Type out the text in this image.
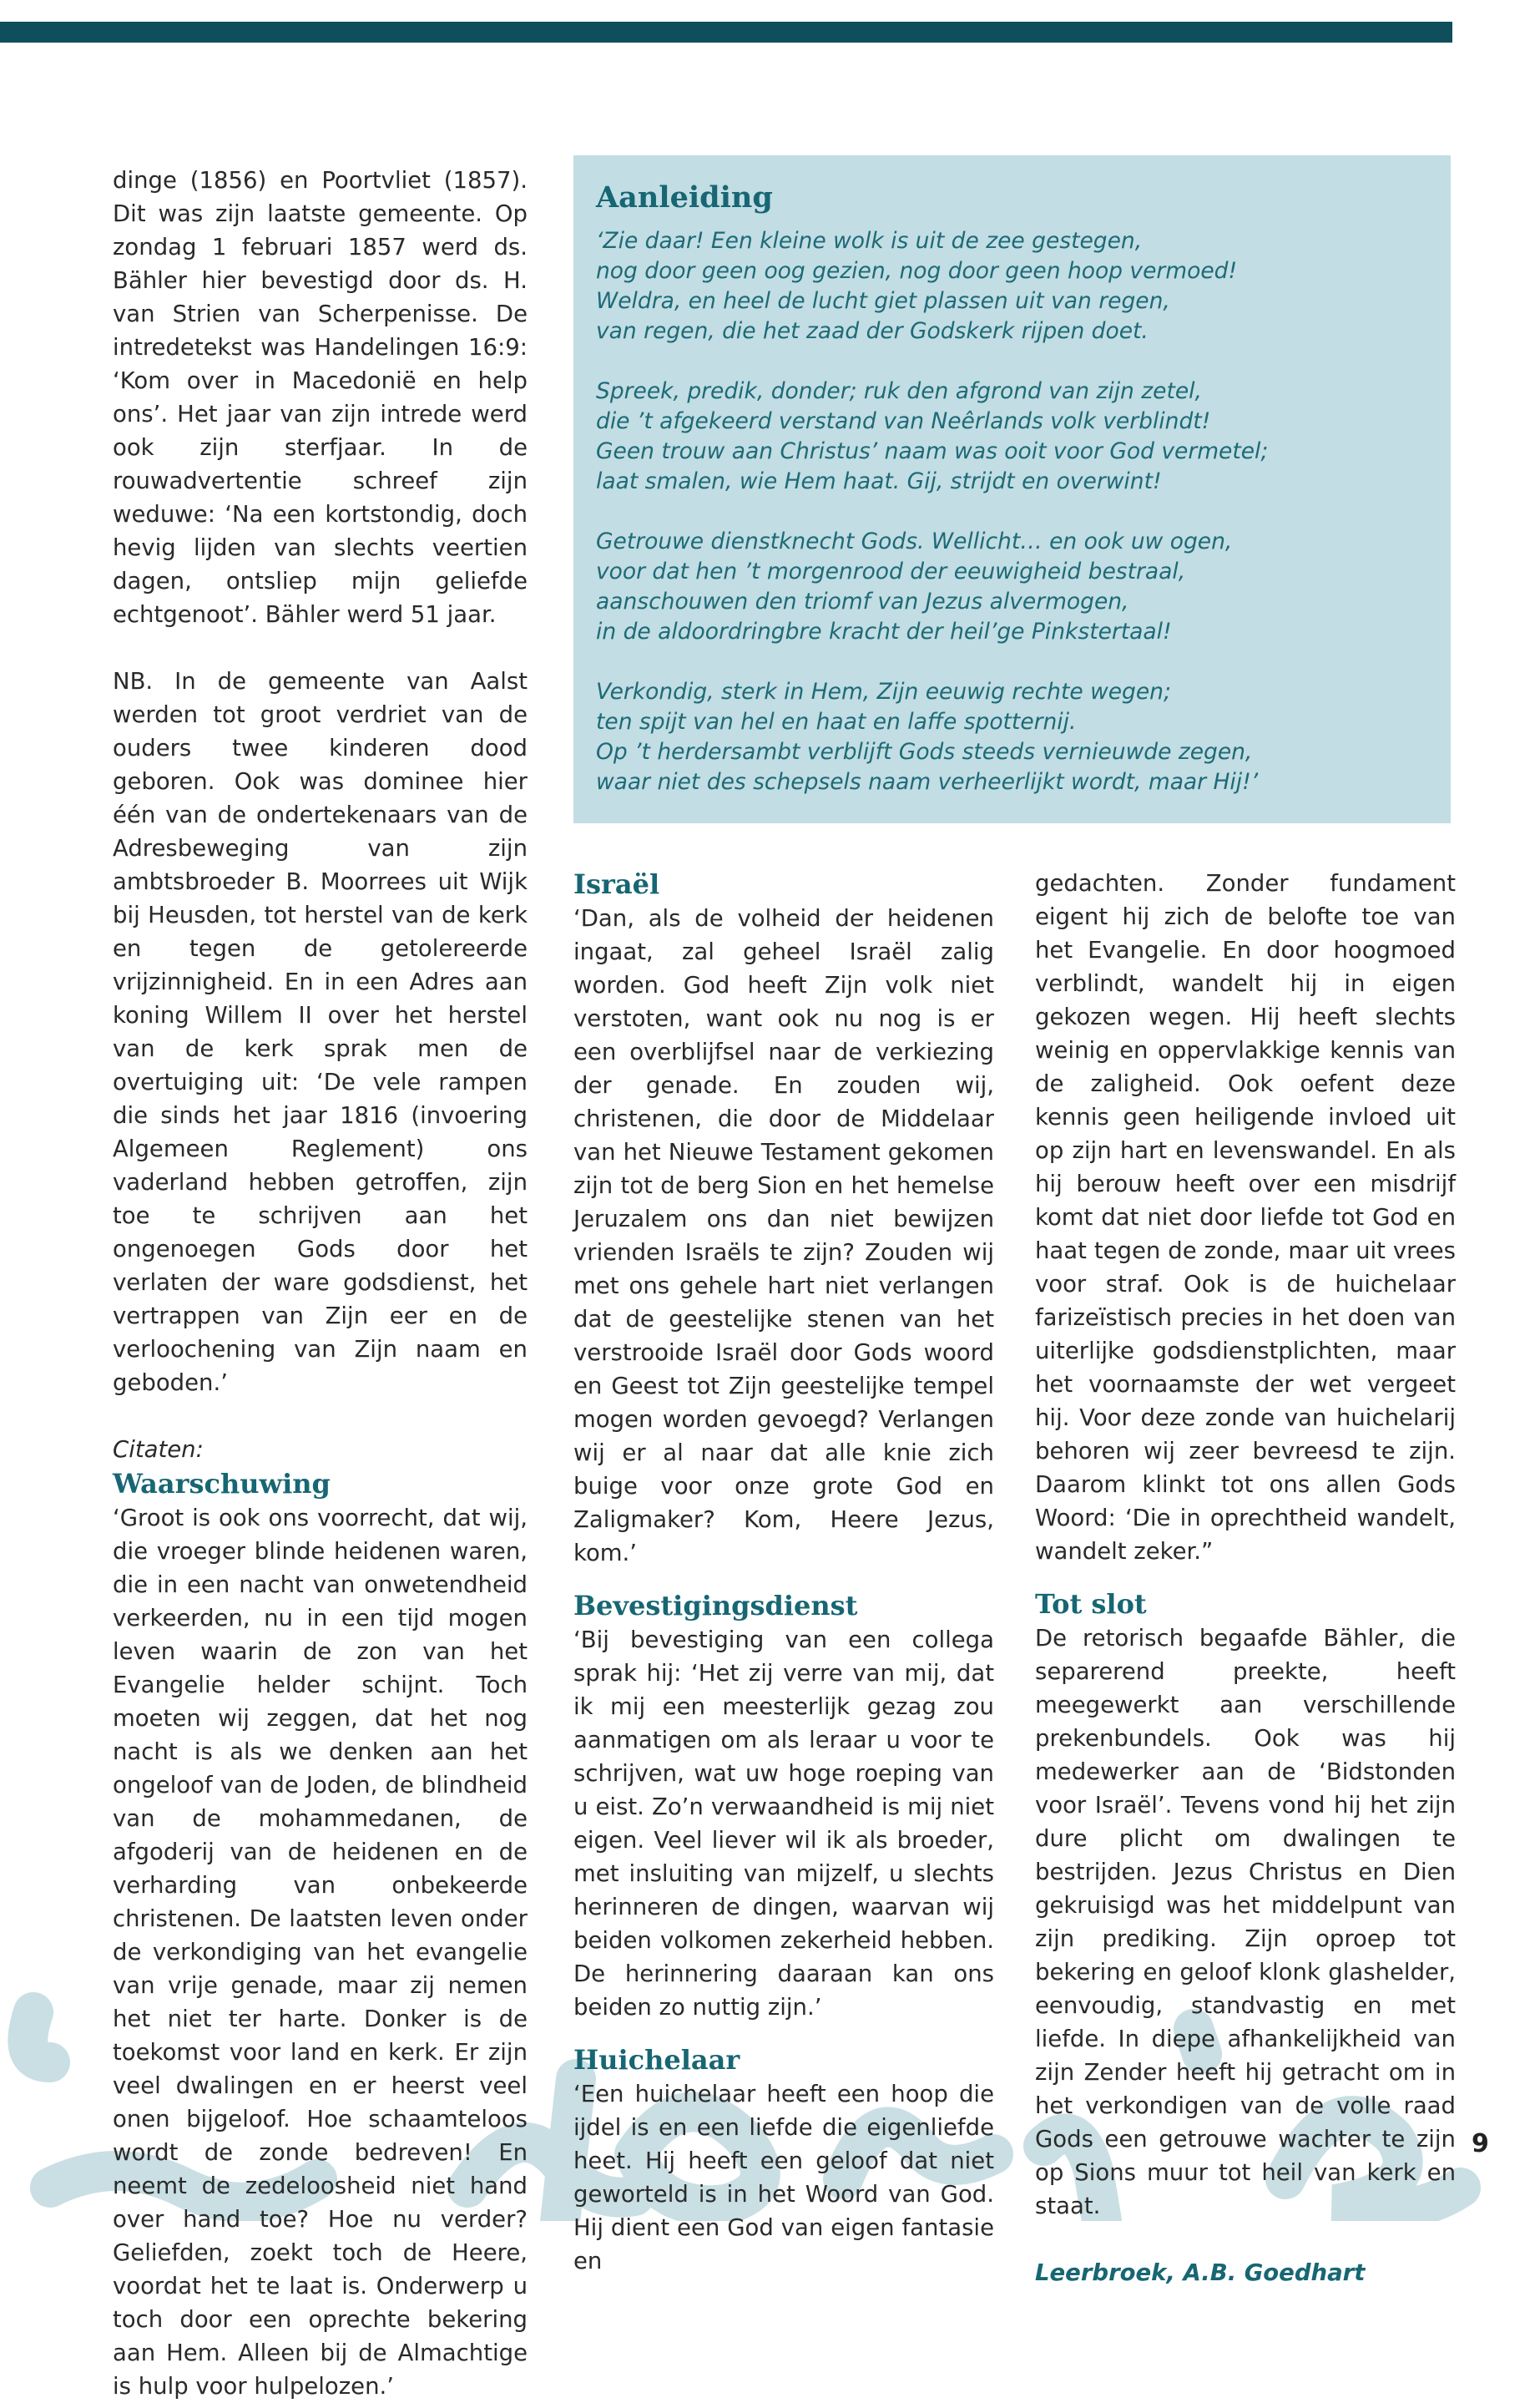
dinge (1856) en Poortvliet (1857). Dit was zijn laatste gemeente. Op zondag 1 februari 1857 werd ds. Bähler hier bevestigd door ds. H. van Strien van Scherpenisse. De intredetekst was Handelingen 16:9: ‘Kom over in Macedonië en help ons’. Het jaar van zijn intrede werd ook zijn sterfjaar. In de rouwadvertentie schreef zijn weduwe: ‘Na een kortstondig, doch hevig lijden van slechts veertien dagen, ontsliep mijn geliefde echtgenoot’. Bähler werd 51 jaar.

NB. In de gemeente van Aalst werden tot groot verdriet van de ouders twee kinderen dood geboren. Ook was dominee hier één van de ondertekenaars van de Adresbeweging van zijn ambtsbroeder B. Moorrees uit Wijk bij Heusden, tot herstel van de kerk en tegen de getolereerde vrijzinnigheid. En in een Adres aan koning Willem II over het herstel van de kerk sprak men de overtuiging uit: ‘De vele rampen die sinds het jaar 1816 (invoering Algemeen Reglement) ons vaderland hebben getroffen, zijn toe te schrijven aan het ongenoegen Gods door het verlaten der ware godsdienst, het vertrappen van Zijn eer en de verloochening van Zijn naam en geboden.’

Citaten:
Waarschuwing

‘Groot is ook ons voorrecht, dat wij, die vroeger blinde heidenen waren, die in een nacht van onwetendheid verkeerden, nu in een tijd mogen leven waarin de zon van het Evangelie helder schijnt. Toch moeten wij zeggen, dat het nog nacht is als we denken aan het ongeloof van de Joden, de blindheid van de mohammedanen, de afgoderij van de heidenen en de verharding van onbekeerde christenen. De laatsten leven onder de verkondiging van het evangelie van vrije genade, maar zij nemen het niet ter harte. Donker is de toekomst voor land en kerk. Er zijn veel dwalingen en er heerst veel onen bijgeloof. Hoe schaamteloos wordt de zonde bedreven! En neemt de zedeloosheid niet hand over hand toe? Hoe nu verder? Geliefden, zoekt toch de Heere, voordat het te laat is. Onderwerp u toch door een oprechte bekering aan Hem. Alleen bij de Almachtige is hulp voor hulpelozen.’

Aanleiding
‘Zie daar! Een kleine wolk is uit de zee gestegen,
nog door geen oog gezien, nog door geen hoop vermoed!
Weldra, en heel de lucht giet plassen uit van regen,
van regen, die het zaad der Godskerk rijpen doet.
Spreek, predik, donder; ruk den afgrond van zijn zetel,
die ’t afgekeerd verstand van Neêrlands volk verblindt!
Geen trouw aan Christus’ naam was ooit voor God vermetel;
laat smalen, wie Hem haat. Gij, strijdt en overwint!
Getrouwe dienstknecht Gods. Wellicht… en ook uw ogen,
voor dat hen ’t morgenrood der eeuwigheid bestraal,
aanschouwen den triomf van Jezus alvermogen,
in de aldoordringbre kracht der heil’ge Pinkstertaal!
Verkondig, sterk in Hem, Zijn eeuwig rechte wegen;
ten spijt van hel en haat en laffe spotternij.
Op ’t herdersambt verblijft Gods steeds vernieuwde zegen,
waar niet des schepsels naam verheerlijkt wordt, maar Hij!’
Israël

‘Dan, als de volheid der heidenen ingaat, zal geheel Israël zalig worden. God heeft Zijn volk niet verstoten, want ook nu nog is er een overblijfsel naar de verkiezing der genade. En zouden wij, christenen, die door de Middelaar van het Nieuwe Testament gekomen zijn tot de berg Sion en het hemelse Jeruzalem ons dan niet bewijzen vrienden Israëls te zijn? Zouden wij met ons gehele hart niet verlangen dat de geestelijke stenen van het verstrooide Israël door Gods woord en Geest tot Zijn geestelijke tempel mogen worden gevoegd? Verlangen wij er al naar dat alle knie zich buige voor onze grote God en Zaligmaker? Kom, Heere Jezus, kom.’

Bevestigingsdienst

‘Bij bevestiging van een collega sprak hij: ‘Het zij verre van mij, dat ik mij een meesterlijk gezag zou aanmatigen om als leraar u voor te schrijven, wat uw hoge roeping van u eist. Zo’n verwaandheid is mij niet eigen. Veel liever wil ik als broeder, met insluiting van mijzelf, u slechts herinneren de dingen, waarvan wij beiden volkomen zekerheid hebben. De herinnering daaraan kan ons beiden zo nuttig zijn.’

Huichelaar

‘Een huichelaar heeft een hoop die ijdel is en een liefde die eigenliefde heet. Hij heeft een geloof dat niet geworteld is in het Woord van God. Hij dient een God van eigen fantasie en

gedachten. Zonder fundament eigent hij zich de belofte toe van het Evangelie. En door hoogmoed verblindt, wandelt hij in eigen gekozen wegen. Hij heeft slechts weinig en oppervlakkige kennis van de zaligheid. Ook oefent deze kennis geen heiligende invloed uit op zijn hart en levenswandel. En als hij berouw heeft over een misdrijf komt dat niet door liefde tot God en haat tegen de zonde, maar uit vrees voor straf. Ook is de huichelaar farizeïstisch precies in het doen van uiterlijke godsdienstplichten, maar het voornaamste der wet vergeet hij. Voor deze zonde van huichelarij behoren wij zeer bevreesd te zijn. Daarom klinkt tot ons allen Gods Woord: ‘Die in oprechtheid wandelt, wandelt zeker.”

Tot slot

De retorisch begaafde Bähler, die separerend preekte, heeft meegewerkt aan verschillende prekenbundels. Ook was hij medewerker aan de ‘Bidstonden voor Israël’. Tevens vond hij het zijn dure plicht om dwalingen te bestrijden. Jezus Christus en Dien gekruisigd was het middelpunt van zijn prediking. Zijn oproep tot bekering en geloof klonk glashelder, eenvoudig, standvastig en met liefde. In diepe afhankelijkheid van zijn Zender heeft hij getracht om in het verkondigen van de volle raad Gods een getrouwe wachter te zijn op Sions muur tot heil van kerk en staat.

Leerbroek, A.B. Goedhart
9
